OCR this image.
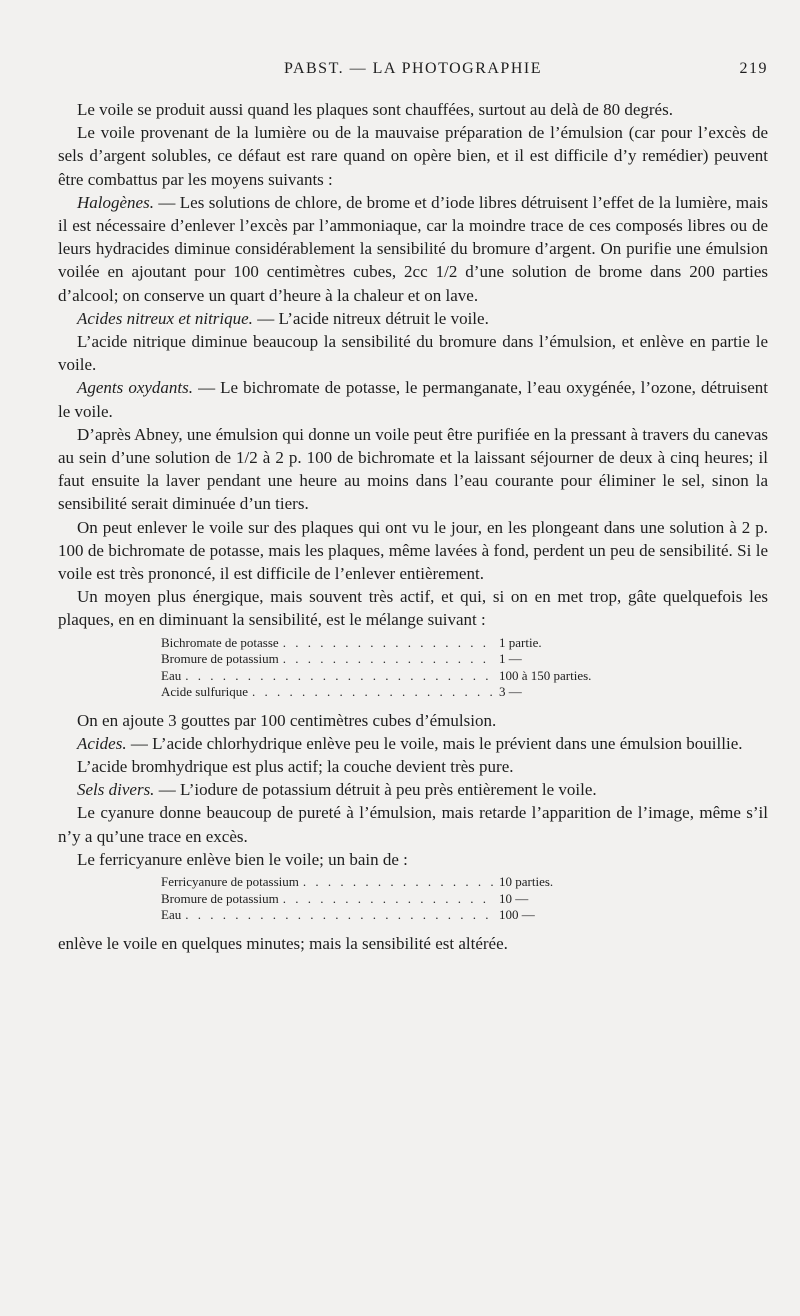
PABST. — LA PHOTOGRAPHIE	219

Le voile se produit aussi quand les plaques sont chauffées, surtout au delà de 80 degrés.

Le voile provenant de la lumière ou de la mauvaise préparation de l’émulsion (car pour l’excès de sels d’argent solubles, ce défaut est rare quand on opère bien, et il est difficile d’y remédier) peuvent être combattus par les moyens suivants :

Halogènes. — Les solutions de chlore, de brome et d’iode libres détruisent l’effet de la lumière, mais il est nécessaire d’enlever l’excès par l’ammoniaque, car la moindre trace de ces composés libres ou de leurs hydracides diminue considérablement la sensibilité du bromure d’argent. On purifie une émulsion voilée en ajoutant pour 100 centimètres cubes, 2cc 1/2 d’une solution de brome dans 200 parties d’alcool; on conserve un quart d’heure à la chaleur et on lave.

Acides nitreux et nitrique. — L’acide nitreux détruit le voile.

L’acide nitrique diminue beaucoup la sensibilité du bromure dans l’émulsion, et enlève en partie le voile.

Agents oxydants. — Le bichromate de potasse, le permanganate, l’eau oxygénée, l’ozone, détruisent le voile.

D’après Abney, une émulsion qui donne un voile peut être purifiée en la pressant à travers du canevas au sein d’une solution de 1/2 à 2 p. 100 de bichromate et la laissant séjourner de deux à cinq heures; il faut ensuite la laver pendant une heure au moins dans l’eau courante pour éliminer le sel, sinon la sensibilité serait diminuée d’un tiers.

On peut enlever le voile sur des plaques qui ont vu le jour, en les plongeant dans une solution à 2 p. 100 de bichromate de potasse, mais les plaques, même lavées à fond, perdent un peu de sensibilité. Si le voile est très prononcé, il est difficile de l’enlever entièrement.

Un moyen plus énergique, mais souvent très actif, et qui, si on en met trop, gâte quelquefois les plaques, en en diminuant la sensibilité, est le mélange suivant :

Bichromate de potasse . . .	1 partie.
Bromure de potassium . . .	1 —
Eau . . .	100 à 150 parties.
Acide sulfurique . . .	3 —

On en ajoute 3 gouttes par 100 centimètres cubes d’émulsion.

Acides. — L’acide chlorhydrique enlève peu le voile, mais le prévient dans une émulsion bouillie.

L’acide bromhydrique est plus actif; la couche devient très pure.

Sels divers. — L’iodure de potassium détruit à peu près entièrement le voile.

Le cyanure donne beaucoup de pureté à l’émulsion, mais retarde l’apparition de l’image, même s’il n’y a qu’une trace en excès.

Le ferricyanure enlève bien le voile; un bain de :

Ferricyanure de potassium . . .	10 parties.
Bromure de potassium . . .	10 —
Eau . . .	100 —

enlève le voile en quelques minutes; mais la sensibilité est altérée.
